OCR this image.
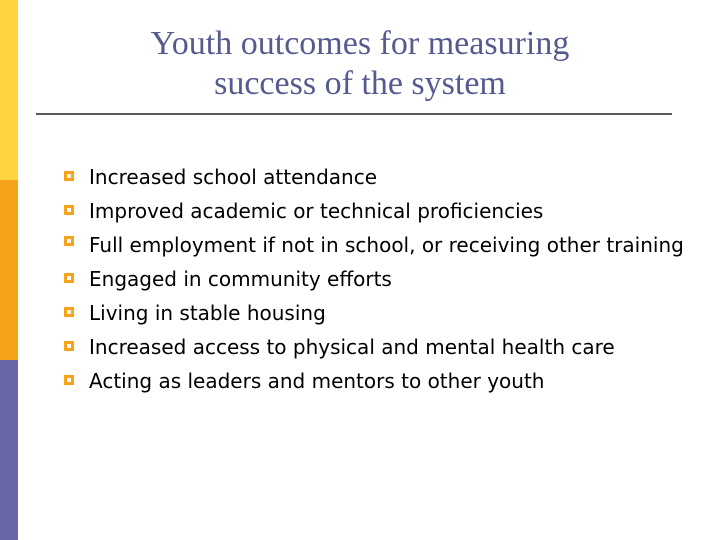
Youth outcomes for measuring
success of the system
Increased school attendance
Improved academic or technical proficiencies
Full employment if not in school, or receiving other training
Engaged in community efforts
Living in stable housing
Increased access to physical and mental health care
Acting as leaders and mentors to other youth
